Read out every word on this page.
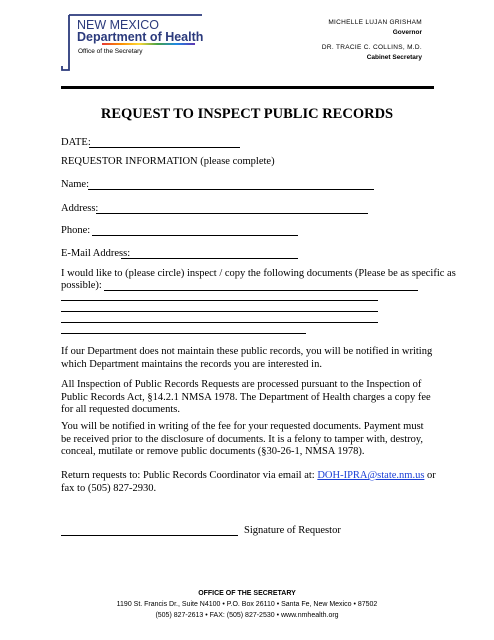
NEW MEXICO
Department of Health
Office of the Secretary
MICHELLE LUJAN GRISHAM
Governor
DR. TRACIE C. COLLINS, M.D.
Cabinet Secretary
REQUEST TO INSPECT PUBLIC RECORDS
DATE:
REQUESTOR INFORMATION (please complete)
Name:
Address:
Phone:
E-Mail Address:
I would like to (please circle) inspect / copy the following documents (Please be as specific as
possible):
If our Department does not maintain these public records, you will be notified in writing which Department maintains the records you are interested in.
All Inspection of Public Records Requests are processed pursuant to the Inspection of Public Records Act, §14.2.1 NMSA 1978. The Department of Health charges a copy fee for all requested documents.
You will be notified in writing of the fee for your requested documents. Payment must be received prior to the disclosure of documents. It is a felony to tamper with, destroy, conceal, mutilate or remove public documents (§30-26-1, NMSA 1978).
Return requests to: Public Records Coordinator via email at: DOH-IPRA@state.nm.us or fax to (505) 827-2930.
Signature of Requestor
OFFICE OF THE SECRETARY
1190 St. Francis Dr., Suite N4100 • P.O. Box 26110 • Santa Fe, New Mexico • 87502
(505) 827-2613 • FAX: (505) 827-2530 • www.nmhealth.org
